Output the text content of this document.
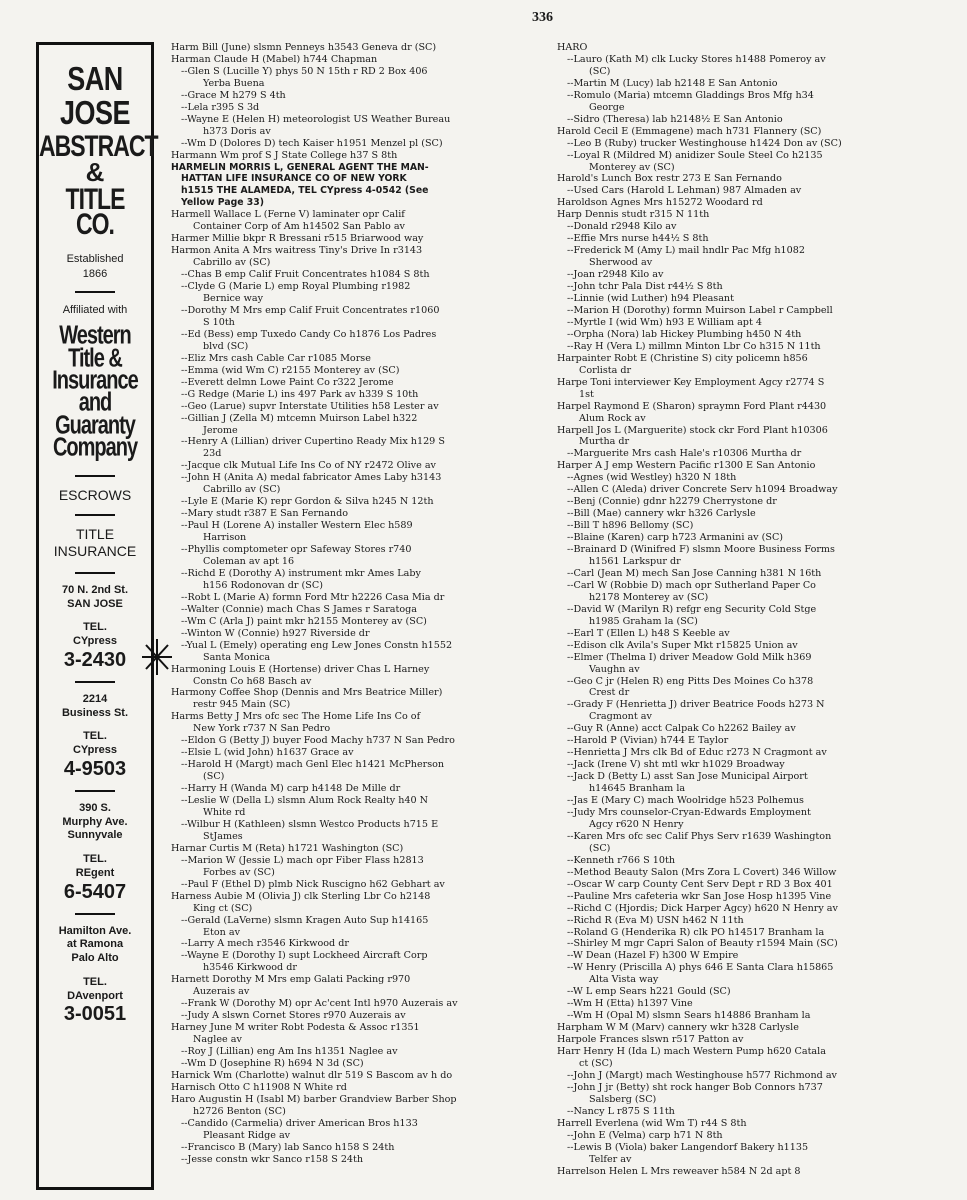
336
SAN
JOSE
ABSTRACT
&
TITLE
CO.
Established
1866
Affiliated with
Western
Title &
Insurance
and
Guaranty
Company
ESCROWS
TITLE
INSURANCE
70 N. 2nd St.
SAN JOSE
TEL.
CYpress
3-2430
2214
Business St.
TEL.
CYpress
4-9503
390 S.
Murphy Ave.
Sunnyvale
TEL.
REgent
6-5407
Hamilton Ave.
at Ramona
Palo Alto
TEL.
DAvenport
3-0051
Harm Bill (June) slsmn Penneys h3543 Geneva dr (SC)
Harman Claude H (Mabel) h744 Chapman
--Glen S (Lucille Y) phys 50 N 15th r RD 2 Box 406
Yerba Buena
--Grace M h279 S 4th
--Lela r395 S 3d
--Wayne E (Helen H) meteorologist US Weather Bureau
h373 Doris av
--Wm D (Dolores D) tech Kaiser h1951 Menzel pl (SC)
Harmann Wm prof S J State College h37 S 8th
HARMELIN MORRIS L, GENERAL AGENT THE MAN-
HATTAN LIFE INSURANCE CO OF NEW YORK
h1515 THE ALAMEDA, TEL CYpress 4-0542 (See
Yellow Page 33)
Harmell Wallace L (Ferne V) laminater opr Calif
Container Corp of Am h14502 San Pablo av
Harmer Millie bkpr R Bressani r515 Briarwood way
Harmon Anita A Mrs waitress Tiny's Drive In r3143
Cabrillo av (SC)
--Chas B emp Calif Fruit Concentrates h1084 S 8th
--Clyde G (Marie L) emp Royal Plumbing r1982
Bernice way
--Dorothy M Mrs emp Calif Fruit Concentrates r1060
S 10th
--Ed (Bess) emp Tuxedo Candy Co h1876 Los Padres
blvd (SC)
--Eliz Mrs cash Cable Car r1085 Morse
--Emma (wid Wm C) r2155 Monterey av (SC)
--Everett delmn Lowe Paint Co r322 Jerome
--G Redge (Marie L) ins 497 Park av h339 S 10th
--Geo (Larue) supvr Interstate Utilities h58 Lester av
--Gillian J (Zella M) mtcemn Muirson Label h322
Jerome
--Henry A (Lillian) driver Cupertino Ready Mix h129 S
23d
--Jacque clk Mutual Life Ins Co of NY r2472 Olive av
--John H (Anita A) medal fabricator Ames Laby h3143
Cabrillo av (SC)
--Lyle E (Marie K) repr Gordon & Silva h245 N 12th
--Mary studt r387 E San Fernando
--Paul H (Lorene A) installer Western Elec h589
Harrison
--Phyllis comptometer opr Safeway Stores r740
Coleman av apt 16
--Richd E (Dorothy A) instrument mkr Ames Laby
h156 Rodonovan dr (SC)
--Robt L (Marie A) formn Ford Mtr h2226 Casa Mia dr
--Walter (Connie) mach Chas S James r Saratoga
--Wm C (Arla J) paint mkr h2155 Monterey av (SC)
--Winton W (Connie) h927 Riverside dr
--Yual L (Emely) operating eng Lew Jones Constn h1552
Santa Monica
Harmoning Louis E (Hortense) driver Chas L Harney
Constn Co h68 Basch av
Harmony Coffee Shop (Dennis and Mrs Beatrice Miller)
restr 945 Main (SC)
Harms Betty J Mrs ofc sec The Home Life Ins Co of
New York r737 N San Pedro
--Eldon G (Betty J) buyer Food Machy h737 N San Pedro
--Elsie L (wid John) h1637 Grace av
--Harold H (Margt) mach Genl Elec h1421 McPherson
(SC)
--Harry H (Wanda M) carp h4148 De Mille dr
--Leslie W (Della L) slsmn Alum Rock Realty h40 N
White rd
--Wilbur H (Kathleen) slsmn Westco Products h715 E
StJames
Harnar Curtis M (Reta) h1721 Washington (SC)
--Marion W (Jessie L) mach opr Fiber Flass h2813
Forbes av (SC)
--Paul F (Ethel D) plmb Nick Ruscigno h62 Gebhart av
Harness Aubie M (Olivia J) clk Sterling Lbr Co h2148
King ct (SC)
--Gerald (LaVerne) slsmn Kragen Auto Sup h14165
Eton av
--Larry A mech r3546 Kirkwood dr
--Wayne E (Dorothy I) supt Lockheed Aircraft Corp
h3546 Kirkwood dr
Harnett Dorothy M Mrs emp Galati Packing r970
Auzerais av
--Frank W (Dorothy M) opr Ac'cent Intl h970 Auzerais av
--Judy A slswn Cornet Stores r970 Auzerais av
Harney June M writer Robt Podesta & Assoc r1351
Naglee av
--Roy J (Lillian) eng Am Ins h1351 Naglee av
--Wm D (Josephine R) h694 N 3d (SC)
Harnick Wm (Charlotte) walnut dlr 519 S Bascom av h do
Harnisch Otto C h11908 N White rd
Haro Augustin H (Isabl M) barber Grandview Barber Shop
h2726 Benton (SC)
--Candido (Carmelia) driver American Bros h133
Pleasant Ridge av
--Francisco B (Mary) lab Sanco h158 S 24th
--Jesse constn wkr Sanco r158 S 24th
HARO
--Lauro (Kath M) clk Lucky Stores h1488 Pomeroy av
(SC)
--Martin M (Lucy) lab h2148 E San Antonio
--Romulo (Maria) mtcemn Gladdings Bros Mfg h34
George
--Sidro (Theresa) lab h2148½ E San Antonio
Harold Cecil E (Emmagene) mach h731 Flannery (SC)
--Leo B (Ruby) trucker Westinghouse h1424 Don av (SC)
--Loyal R (Mildred M) anidizer Soule Steel Co h2135
Monterey av (SC)
Harold's Lunch Box restr 273 E San Fernando
--Used Cars (Harold L Lehman) 987 Almaden av
Haroldson Agnes Mrs h15272 Woodard rd
Harp Dennis studt r315 N 11th
--Donald r2948 Kilo av
--Effie Mrs nurse h44½ S 8th
--Frederick M (Amy L) mail hndlr Pac Mfg h1082
Sherwood av
--Joan r2948 Kilo av
--John tchr Pala Dist r44½ S 8th
--Linnie (wid Luther) h94 Pleasant
--Marion H (Dorothy) formn Muirson Label r Campbell
--Myrtle I (wid Wm) h93 E William apt 4
--Orpha (Nora) lab Hickey Plumbing h450 N 4th
--Ray H (Vera L) millmn Minton Lbr Co h315 N 11th
Harpainter Robt E (Christine S) city policemn h856
Corlista dr
Harpe Toni interviewer Key Employment Agcy r2774 S
1st
Harpel Raymond E (Sharon) spraymn Ford Plant r4430
Alum Rock av
Harpell Jos L (Marguerite) stock ckr Ford Plant h10306
Murtha dr
--Marguerite Mrs cash Hale's r10306 Murtha dr
Harper A J emp Western Pacific r1300 E San Antonio
--Agnes (wid Westley) h320 N 18th
--Allen C (Aleda) driver Concrete Serv h1094 Broadway
--Benj (Connie) gdnr h2279 Cherrystone dr
--Bill (Mae) cannery wkr h326 Carlysle
--Bill T h896 Bellomy (SC)
--Blaine (Karen) carp h723 Armanini av (SC)
--Brainard D (Winifred F) slsmn Moore Business Forms
h1561 Larkspur dr
--Carl (Jean M) mech San Jose Canning h381 N 16th
--Carl W (Robbie D) mach opr Sutherland Paper Co
h2178 Monterey av (SC)
--David W (Marilyn R) refgr eng Security Cold Stge
h1985 Graham la (SC)
--Earl T (Ellen L) h48 S Keeble av
--Edison clk Avila's Super Mkt r15825 Union av
--Elmer (Thelma I) driver Meadow Gold Milk h369
Vaughn av
--Geo C jr (Helen R) eng Pitts Des Moines Co h378
Crest dr
--Grady F (Henrietta J) driver Beatrice Foods h273 N
Cragmont av
--Guy R (Anne) acct Calpak Co h2262 Bailey av
--Harold P (Vivian) h744 E Taylor
--Henrietta J Mrs clk Bd of Educ r273 N Cragmont av
--Jack (Irene V) sht mtl wkr h1029 Broadway
--Jack D (Betty L) asst San Jose Municipal Airport
h14645 Branham la
--Jas E (Mary C) mach Woolridge h523 Polhemus
--Judy Mrs counselor-Cryan-Edwards Employment
Agcy r620 N Henry
--Karen Mrs ofc sec Calif Phys Serv r1639 Washington
(SC)
--Kenneth r766 S 10th
--Method Beauty Salon (Mrs Zora L Covert) 346 Willow
--Oscar W carp County Cent Serv Dept r RD 3 Box 401
--Pauline Mrs cafeteria wkr San Jose Hosp h1395 Vine
--Richd C (Hjordis; Dick Harper Agcy) h620 N Henry av
--Richd R (Eva M) USN h462 N 11th
--Roland G (Henderika R) clk PO h14517 Branham la
--Shirley M mgr Capri Salon of Beauty r1594 Main (SC)
--W Dean (Hazel F) h300 W Empire
--W Henry (Priscilla A) phys 646 E Santa Clara h15865
Alta Vista way
--W L emp Sears h221 Gould (SC)
--Wm H (Etta) h1397 Vine
--Wm H (Opal M) slsmn Sears h14886 Branham la
Harpham W M (Marv) cannery wkr h328 Carlysle
Harpole Frances slswn r517 Patton av
Harr Henry H (Ida L) mach Western Pump h620 Catala
ct (SC)
--John J (Margt) mach Westinghouse h577 Richmond av
--John J jr (Betty) sht rock hanger Bob Connors h737
Salsberg (SC)
--Nancy L r875 S 11th
Harrell Everlena (wid Wm T) r44 S 8th
--John E (Velma) carp h71 N 8th
--Lewis B (Viola) baker Langendorf Bakery h1135
Telfer av
Harrelson Helen L Mrs reweaver h584 N 2d apt 8
